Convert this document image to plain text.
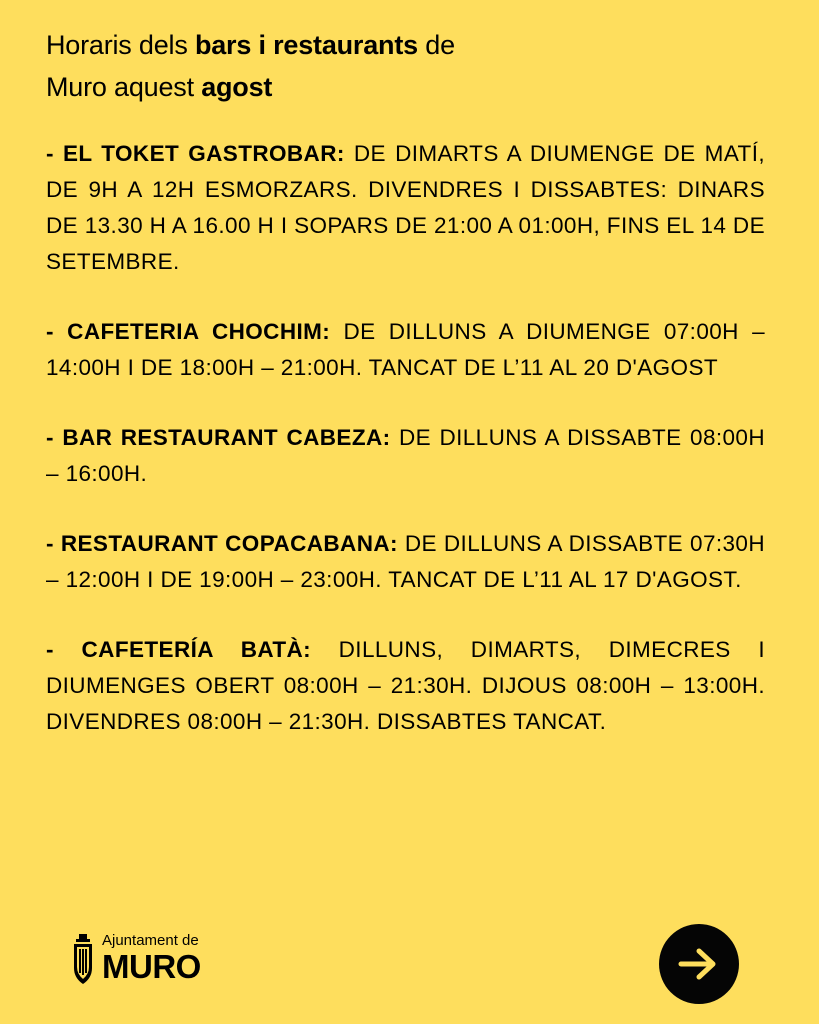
Horaris dels bars i restaurants de
Muro aquest agost

- EL TOKET GASTROBAR: DE DIMARTS A DIUMENGE DE MATÍ, DE 9H A 12H ESMORZARS. DIVENDRES I DISSABTES: DINARS DE 13.30 H A 16.00 H I SOPARS DE 21:00 A 01:00H, FINS EL 14 DE SETEMBRE.

- CAFETERIA CHOCHIM: DE DILLUNS A DIUMENGE 07:00H – 14:00H I DE 18:00H – 21:00H. TANCAT DE L’11 AL 20 D'AGOST

- BAR RESTAURANT CABEZA: DE DILLUNS A DISSABTE 08:00H – 16:00H.

- RESTAURANT COPACABANA: DE DILLUNS A DISSABTE 07:30H – 12:00H I DE 19:00H – 23:00H. TANCAT DE L’11 AL 17 D'AGOST.

- CAFETERÍA BATÀ: DILLUNS, DIMARTS, DIMECRES I DIUMENGES OBERT 08:00H – 21:30H. DIJOUS 08:00H – 13:00H. DIVENDRES 08:00H – 21:30H. DISSABTES TANCAT.

Ajuntament de
MURO
